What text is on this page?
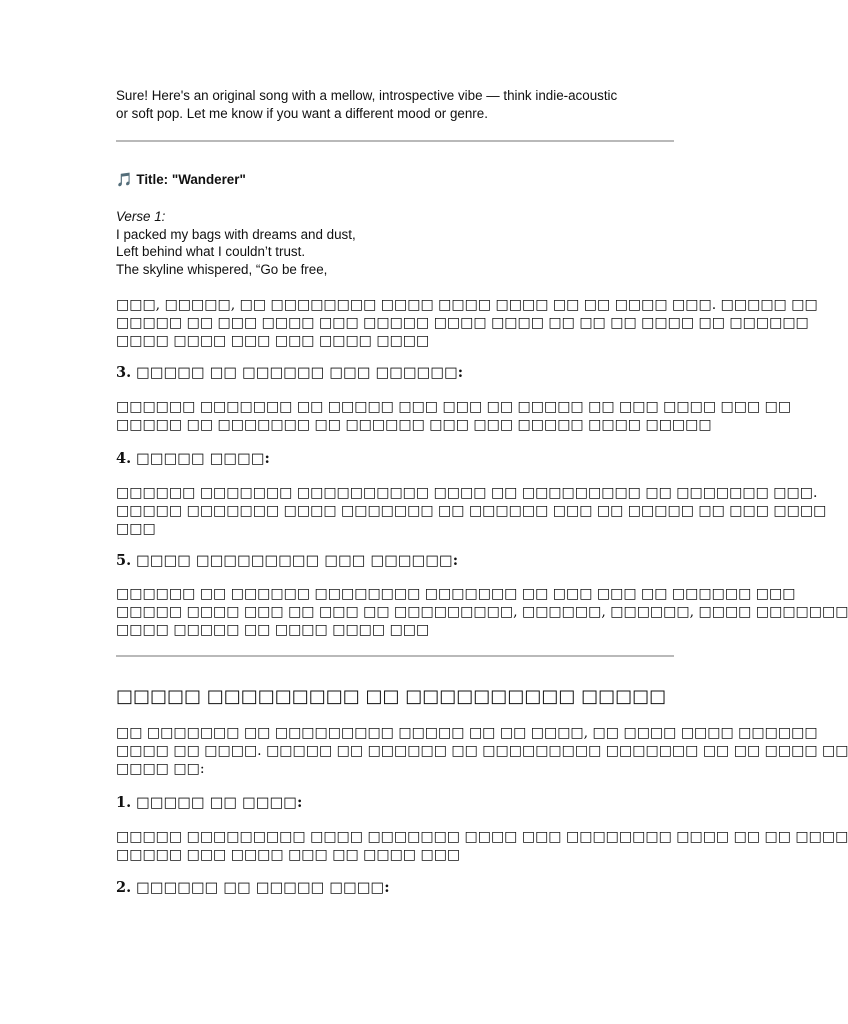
Sure! Here's an original song with a mellow, introspective vibe — think indie-acoustic
or soft pop. Let me know if you want a different mood or genre.
🎵 Title: "Wanderer"
Verse 1:
I packed my bags with dreams and dust,
Left behind what I couldn’t trust.
The skyline whispered, “Go be free,
□□□, □□□□□, □□ □□□□□□□□ □□□□ □□□□ □□□□ □□ □□ □□□□ □□□. □□□□□ □□
□□□□□ □□ □□□ □□□□ □□□ □□□□□ □□□□ □□□□ □□ □□ □□ □□□□ □□ □□□□□□
□□□□ □□□□ □□□ □□□ □□□□ □□□□
3. □□□□□ □□ □□□□□□ □□□ □□□□□□:
□□□□□□ □□□□□□□ □□ □□□□□ □□□ □□□ □□ □□□□□ □□ □□□ □□□□ □□□ □□
□□□□□ □□ □□□□□□□ □□ □□□□□□ □□□ □□□ □□□□□ □□□□ □□□□□
4. □□□□□ □□□□:
□□□□□□ □□□□□□□ □□□□□□□□□□ □□□□ □□ □□□□□□□□□ □□ □□□□□□□ □□□.
□□□□□ □□□□□□□ □□□□ □□□□□□□ □□ □□□□□□ □□□ □□ □□□□□ □□ □□□ □□□□
□□□
5. □□□□ □□□□□□□□□ □□□ □□□□□□:
□□□□□□ □□ □□□□□□ □□□□□□□□ □□□□□□□ □□ □□□ □□□ □□ □□□□□□ □□□
□□□□□ □□□□ □□□ □□ □□□ □□ □□□□□□□□□, □□□□□□, □□□□□□, □□□□ □□□□□□□
□□□□ □□□□□ □□ □□□□ □□□□ □□□
□□□□□ □□□□□□□□□ □□ □□□□□□□□□□ □□□□□
□□ □□□□□□□ □□ □□□□□□□□□ □□□□□ □□ □□ □□□□, □□ □□□□ □□□□ □□□□□□
□□□□ □□ □□□□. □□□□□ □□ □□□□□□ □□ □□□□□□□□□ □□□□□□□ □□ □□ □□□□ □□
□□□□ □□:
1. □□□□□ □□ □□□□:
□□□□□ □□□□□□□□□ □□□□ □□□□□□□ □□□□ □□□ □□□□□□□□ □□□□ □□ □□ □□□□
□□□□□ □□□ □□□□ □□□ □□ □□□□ □□□
2. □□□□□□ □□ □□□□□ □□□□:
